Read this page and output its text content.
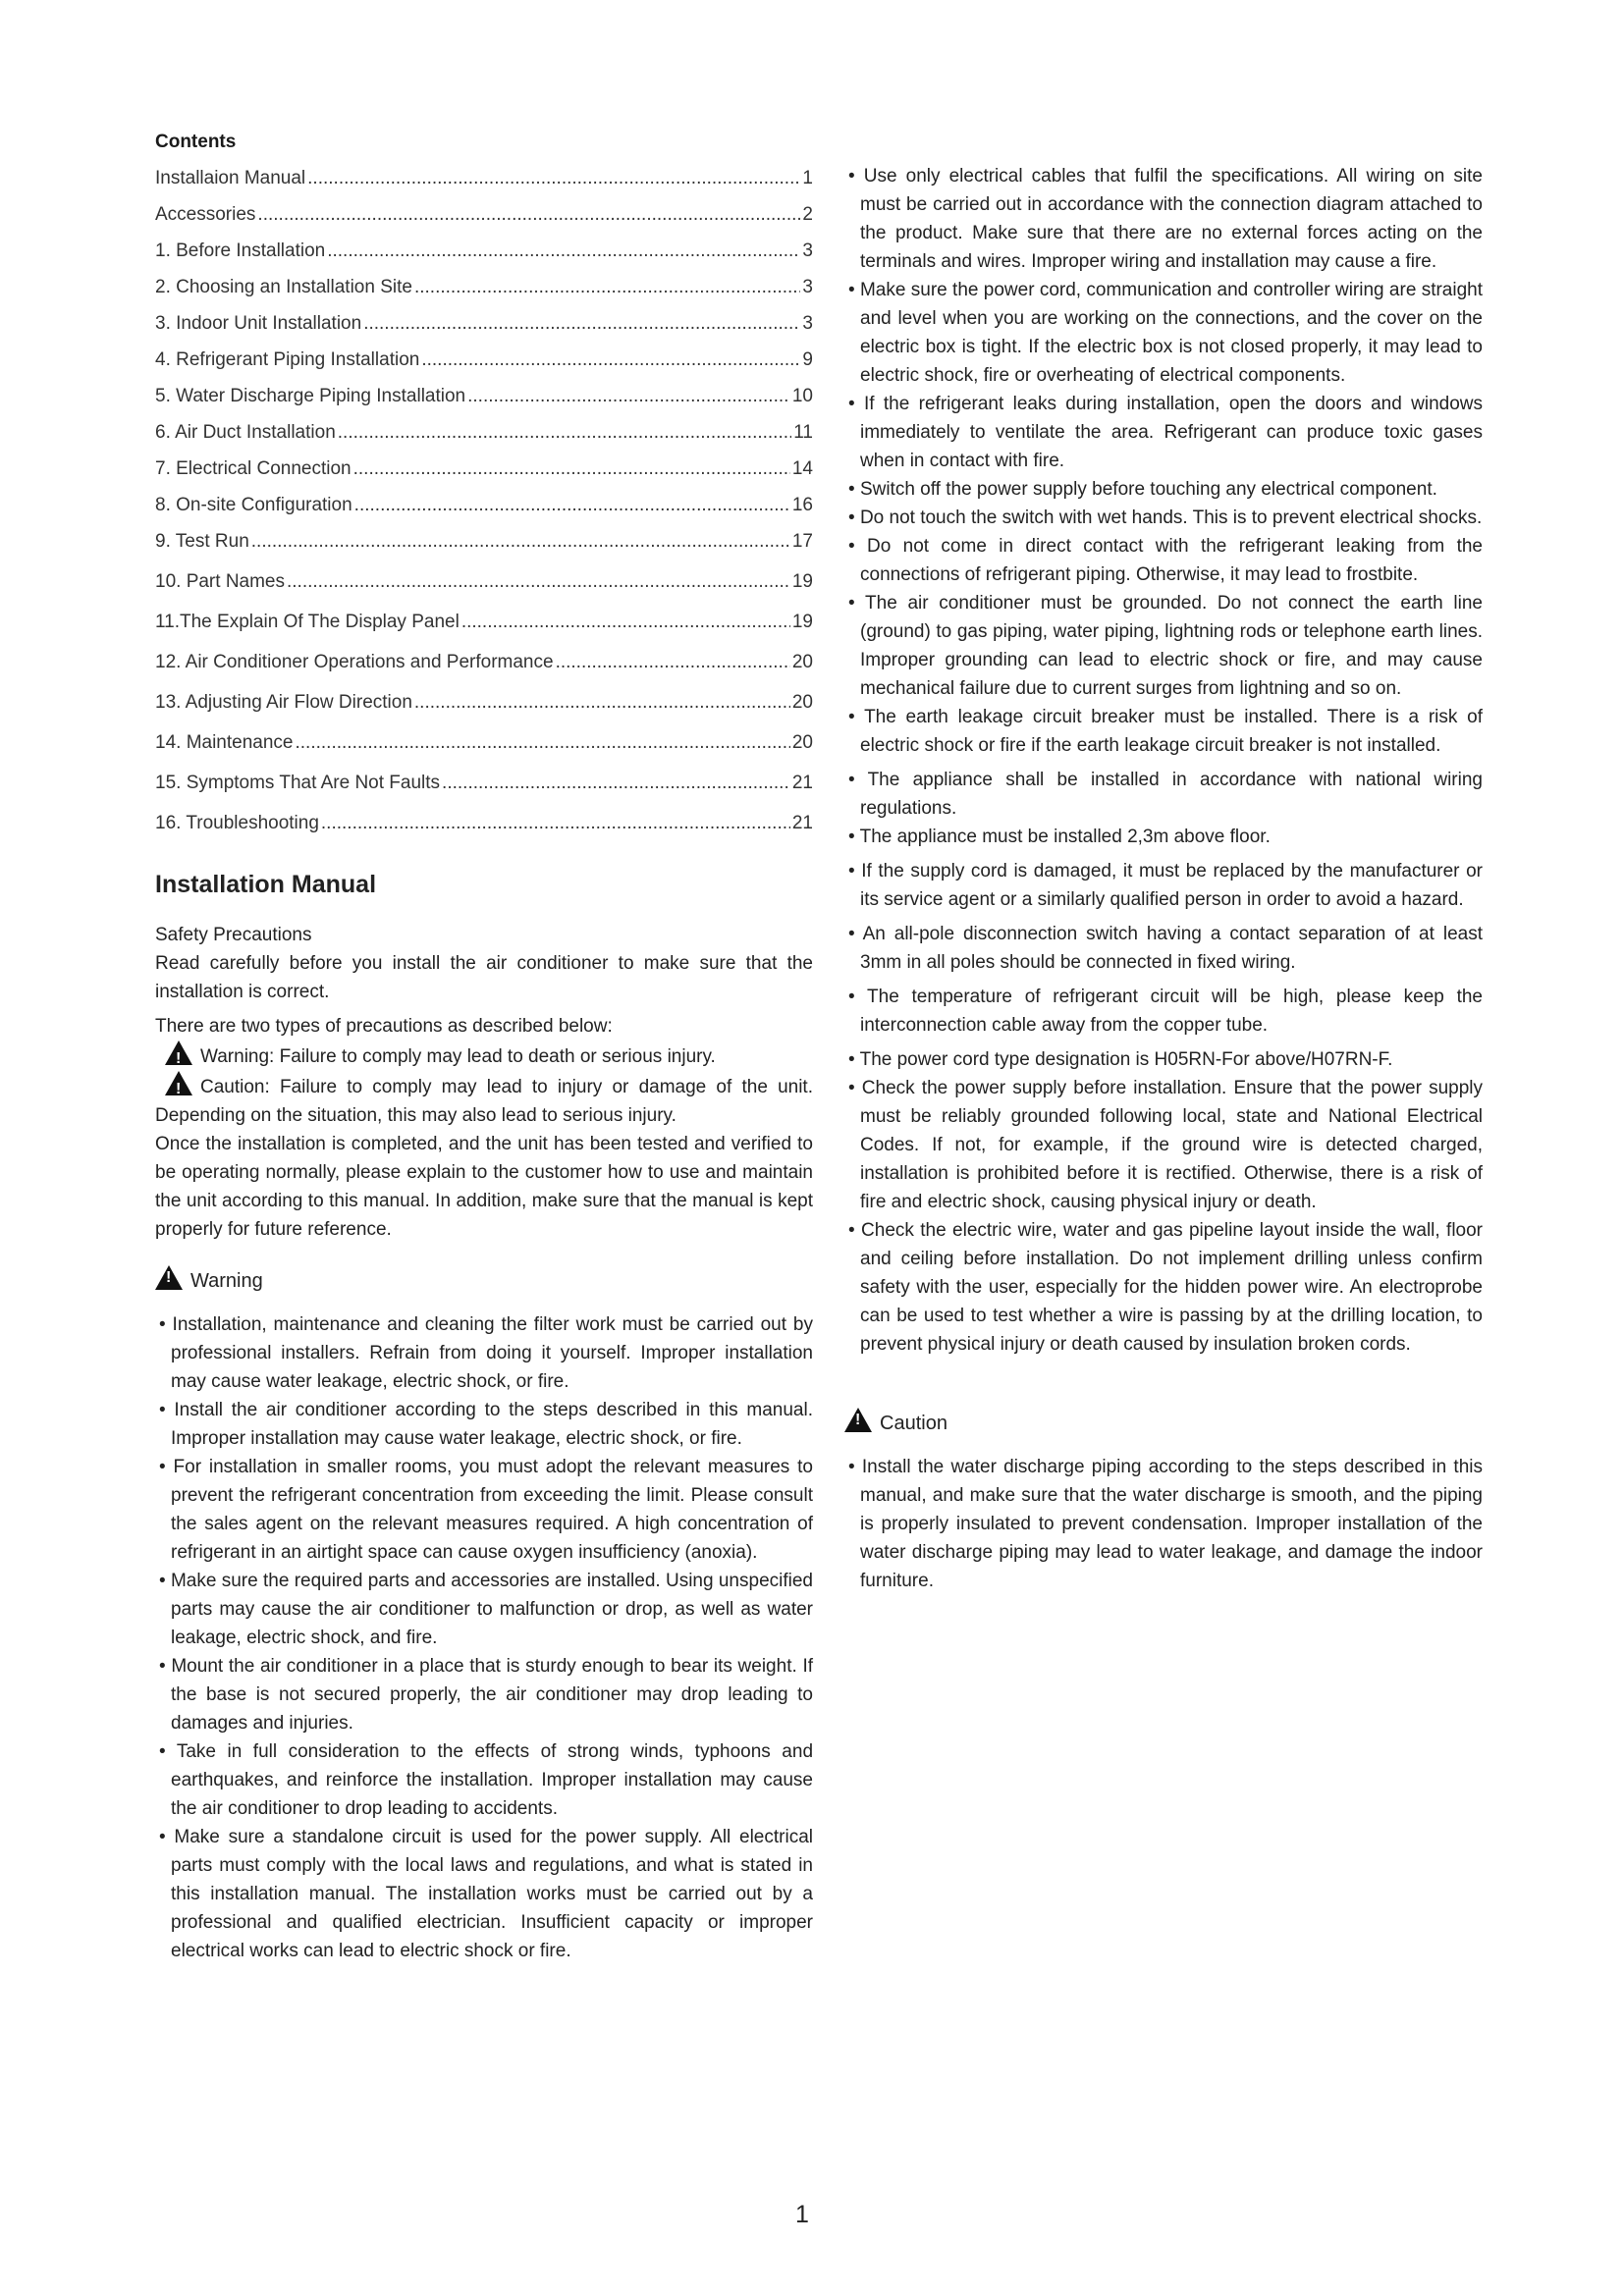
Contents
Installaion Manual .....	1
Accessories .....	2
1. Before Installation .....	3
2. Choosing an Installation Site .....	3
3. Indoor Unit Installation .....	3
4. Refrigerant Piping Installation .....	9
5. Water Discharge Piping Installation .....	10
6. Air Duct Installation .....	11
7. Electrical Connection .....	14
8. On-site Configuration .....	16
9. Test Run .....	17
10. Part Names .....	19
11.The Explain Of The Display Panel .....	19
12. Air Conditioner Operations and Performance .....	20
13. Adjusting Air Flow Direction .....	20
14. Maintenance .....	20
15. Symptoms That Are Not Faults .....	21
16. Troubleshooting .....	21
Installation Manual
Safety Precautions
Read carefully before you install the air conditioner to make sure that the installation is correct.
There are two types of precautions as described below:
!Warning: Failure to comply may lead to death or serious injury.
!Caution: Failure to comply may lead to injury or damage of the unit. Depending on the situation, this may also lead to serious injury.
Once the installation is completed, and the unit has been tested and verified to be operating normally, please explain to the customer how to use and maintain the unit according to this manual. In addition, make sure that the manual is kept properly for future reference.
!Warning
• Installation, maintenance and cleaning the filter work must be carried out by professional installers. Refrain from doing it yourself. Improper installation may cause water leakage, electric shock, or fire.
• Install the air conditioner according to the steps described in this manual. Improper installation may cause water leakage, electric shock, or fire.
• For installation in smaller rooms, you must adopt the relevant measures to prevent the refrigerant concentration from exceeding the limit. Please consult the sales agent on the relevant measures required. A high concentration of refrigerant in an airtight space can cause oxygen insufficiency (anoxia).
• Make sure the required parts and accessories are installed. Using unspecified parts may cause the air conditioner to malfunction or drop, as well as water leakage, electric shock, and fire.
• Mount the air conditioner in a place that is sturdy enough to bear its weight. If the base is not secured properly, the air conditioner may drop leading to damages and injuries.
• Take in full consideration to the effects of strong winds, typhoons and earthquakes, and reinforce the installation. Improper installation may cause the air conditioner to drop leading to accidents.
• Make sure a standalone circuit is used for the power supply. All electrical parts must comply with the local laws and regulations, and what is stated in this installation manual. The installation works must be carried out by a professional and qualified electrician. Insufficient capacity or improper electrical works can lead to electric shock or fire.
• Use only electrical cables that fulfil the specifications. All wiring on site must be carried out in accordance with the connection diagram attached to the product. Make sure that there are no external forces acting on the terminals and wires. Improper wiring and installation may cause a fire.
• Make sure the power cord, communication and controller wiring are straight and level when you are working on the connections, and the cover on the electric box is tight. If the electric box is not closed properly, it may lead to electric shock, fire or overheating of electrical components.
• If the refrigerant leaks during installation, open the doors and windows immediately to ventilate the area. Refrigerant can produce toxic gases when in contact with fire.
• Switch off the power supply before touching any electrical component.
• Do not touch the switch with wet hands. This is to prevent electrical shocks.
• Do not come in direct contact with the refrigerant leaking from the connections of refrigerant piping. Otherwise, it may lead to frostbite.
• The air conditioner must be grounded. Do not connect the earth line (ground) to gas piping, water piping, lightning rods or telephone earth lines. Improper grounding can lead to electric shock or fire, and may cause mechanical failure due to current surges from lightning and so on.
• The earth leakage circuit breaker must be installed. There is a risk of electric shock or fire if the earth leakage circuit breaker is not installed.
• The appliance shall be installed in accordance with national wiring regulations.
• The appliance must be installed 2,3m above floor.
• If the supply cord is damaged, it must be replaced by the manufacturer or its service agent or a similarly qualified person in order to avoid a hazard.
• An all-pole disconnection switch having a contact separation of at least 3mm in all poles should be connected in fixed wiring.
• The temperature of refrigerant circuit will be high, please keep the interconnection cable away from the copper tube.
• The power cord type designation is H05RN-For above/H07RN-F.
• Check the power supply before installation. Ensure that the power supply must be reliably grounded following local, state and National Electrical Codes. If not, for example, if the ground wire is detected charged, installation is prohibited before it is rectified. Otherwise, there is a risk of fire and electric shock, causing physical injury or death.
• Check the electric wire, water and gas pipeline layout inside the wall, floor and ceiling before installation. Do not implement drilling unless confirm safety with the user, especially for the hidden power wire. An electroprobe can be used to test whether a wire is passing by at the drilling location, to prevent physical injury or death caused by insulation broken cords.
!Caution
• Install the water discharge piping according to the steps described in this manual, and make sure that the water discharge is smooth, and the piping is properly insulated to prevent condensation. Improper installation of the water discharge piping may lead to water leakage, and damage the indoor furniture.
1
